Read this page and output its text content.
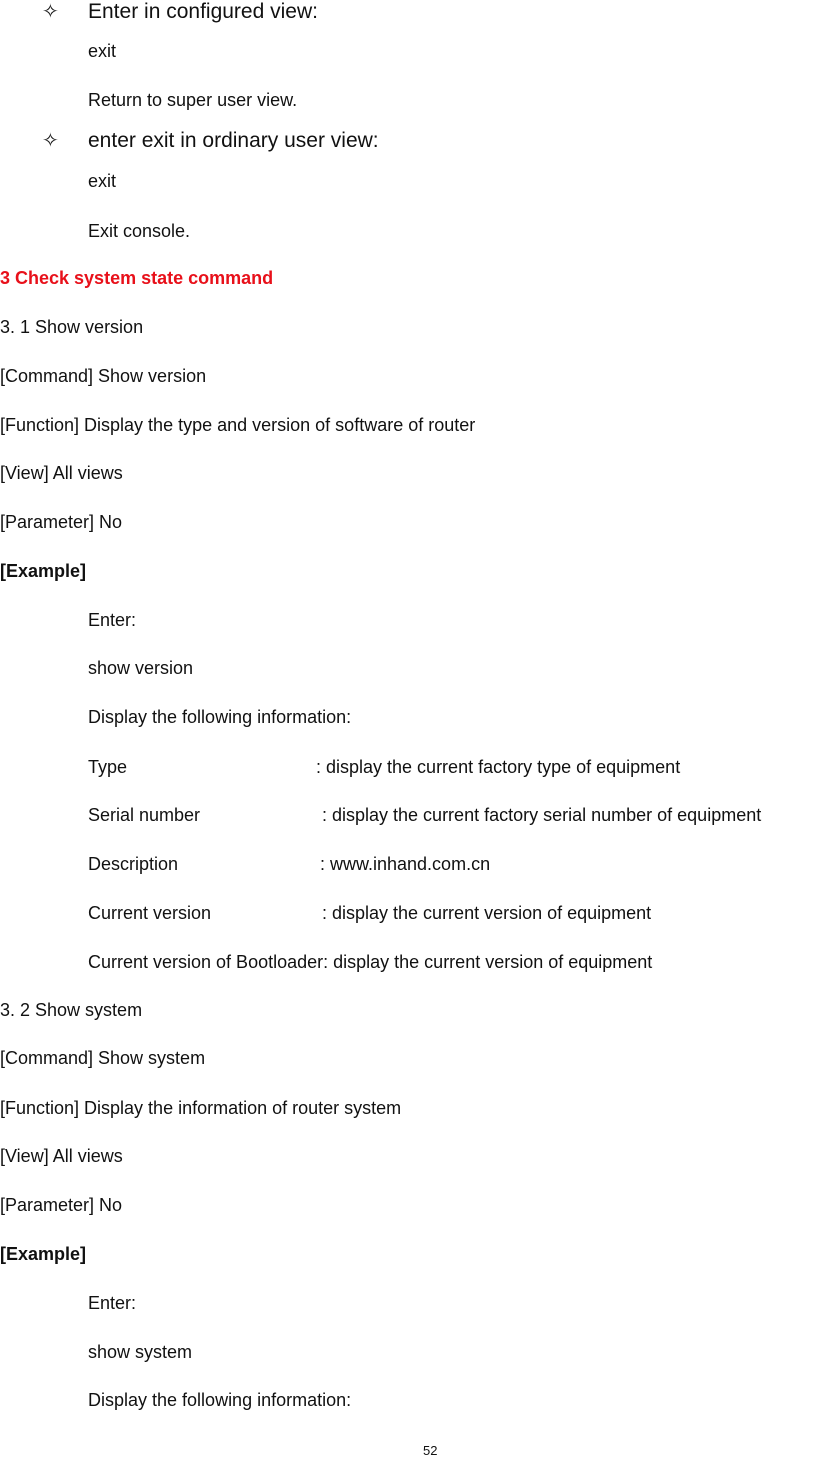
✧ Enter in configured view:
exit
Return to super user view.
✧ enter exit in ordinary user view:
exit
Exit console.
3 Check system state command
3. 1 Show version
[Command] Show version
[Function] Display the type and version of software of router
[View] All views
[Parameter] No
[Example]
Enter:
show version
Display the following information:
Type	: display the current factory type of equipment
Serial number	: display the current factory serial number of equipment
Description	: www.inhand.com.cn
Current version	: display the current version of equipment
Current version of Bootloader: display the current version of equipment
3. 2 Show system
[Command] Show system
[Function] Display the information of router system
[View] All views
[Parameter] No
[Example]
Enter:
show system
Display the following information:
52
